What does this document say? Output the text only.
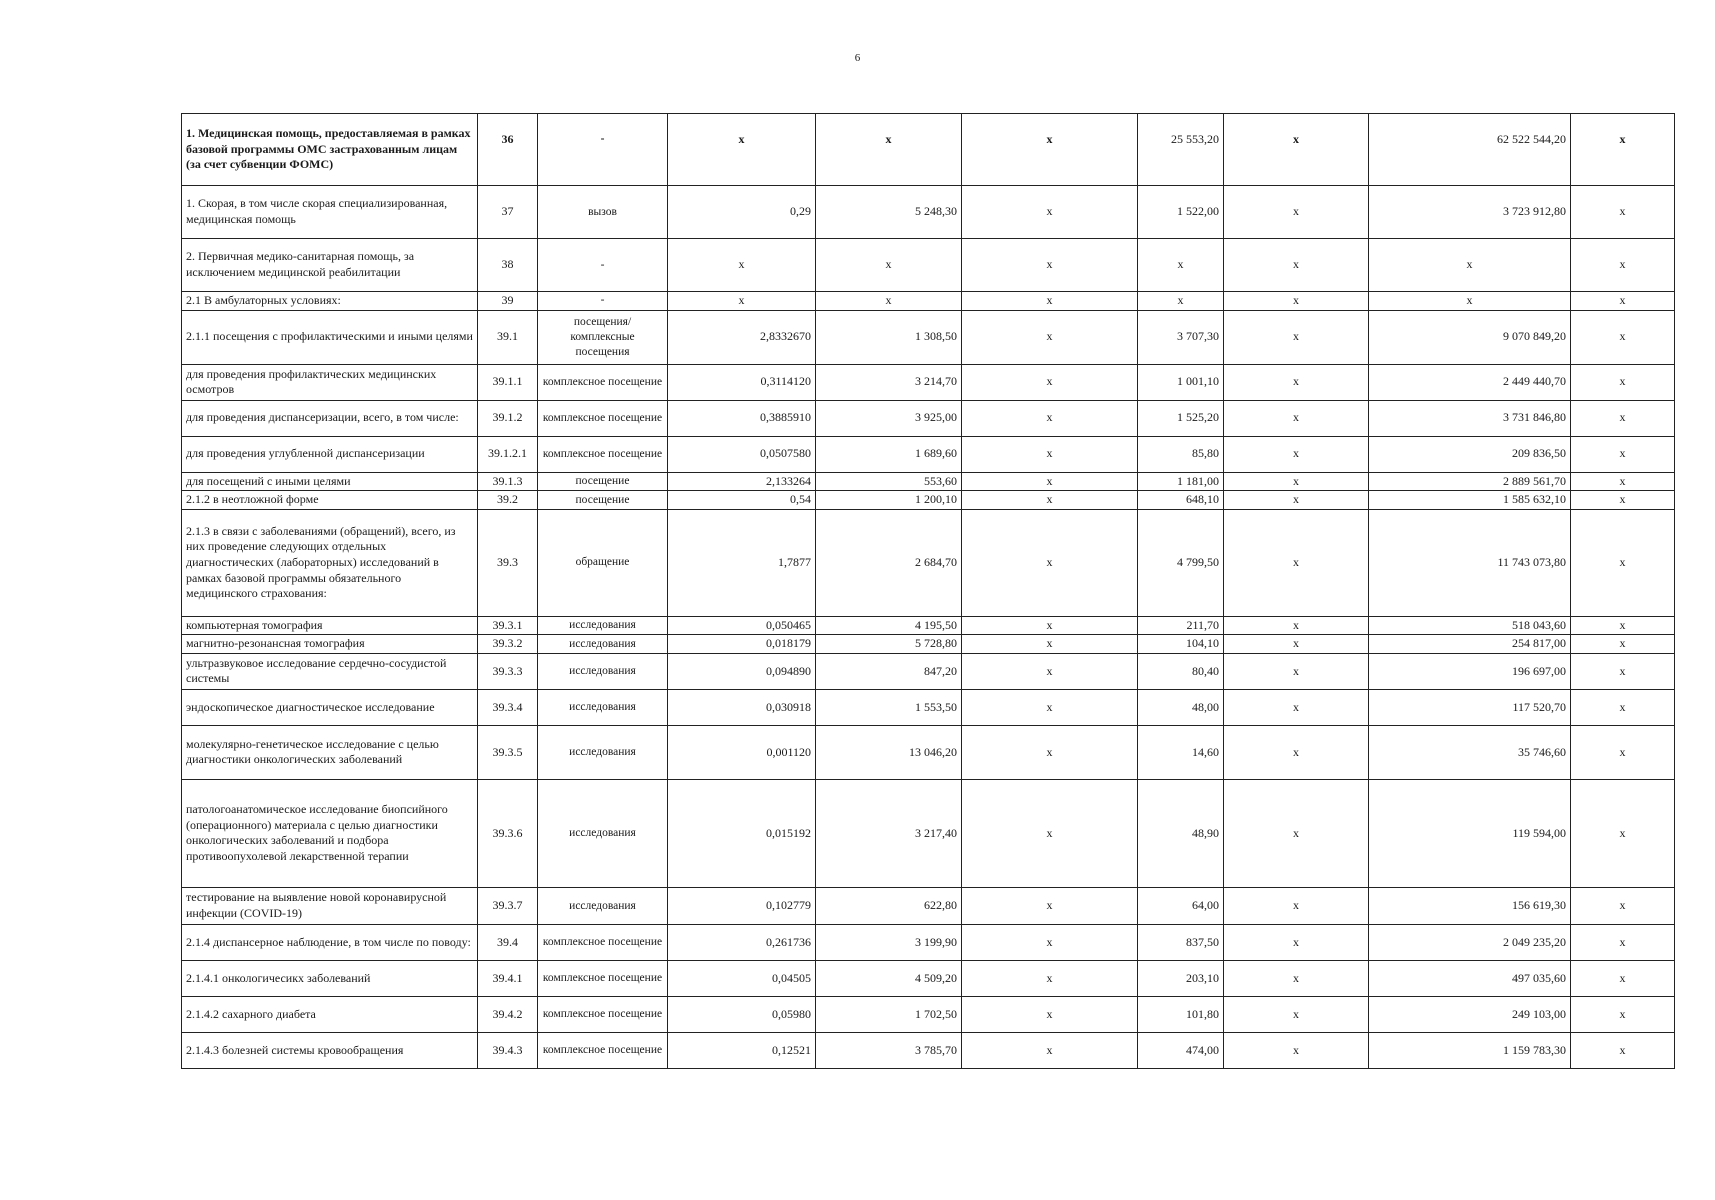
6
1. Медицинская помощь, предоставляемая в рамках базовой программы ОМС застрахованным лицам (за счет субвенции ФОМС)	36	-	х	х	х	25 553,20	х	62 522 544,20	х
1. Скорая, в том числе скорая специализированная, медицинская помощь	37	вызов	0,29	5 248,30	х	1 522,00	х	3 723 912,80	х
2. Первичная медико-санитарная помощь, за исключением медицинской реабилитации	38	-	х	х	х	х	х	х	х
2.1 В амбулаторных условиях:	39	-	х	х	х	х	х	х	х
2.1.1 посещения с профилактическими и иными целями	39.1	посещения/комплексные посещения	2,8332670	1 308,50	х	3 707,30	х	9 070 849,20	х
для проведения профилактических медицинских осмотров	39.1.1	комплексное посещение	0,3114120	3 214,70	х	1 001,10	х	2 449 440,70	х
для проведения диспансеризации, всего, в том числе:	39.1.2	комплексное посещение	0,3885910	3 925,00	х	1 525,20	х	3 731 846,80	х
для проведения углубленной диспансеризации	39.1.2.1	комплексное посещение	0,0507580	1 689,60	х	85,80	х	209 836,50	х
для посещений с иными целями	39.1.3	посещение	2,133264	553,60	х	1 181,00	х	2 889 561,70	х
2.1.2 в неотложной форме	39.2	посещение	0,54	1 200,10	х	648,10	х	1 585 632,10	х
2.1.3 в связи с заболеваниями (обращений), всего, из них проведение следующих отдельных диагностических (лабораторных) исследований в рамках базовой программы обязательного медицинского страхования:	39.3	обращение	1,7877	2 684,70	х	4 799,50	х	11 743 073,80	х
компьютерная томография	39.3.1	исследования	0,050465	4 195,50	х	211,70	х	518 043,60	х
магнитно-резонансная томография	39.3.2	исследования	0,018179	5 728,80	х	104,10	х	254 817,00	х
ультразвуковое исследование сердечно-сосудистой системы	39.3.3	исследования	0,094890	847,20	х	80,40	х	196 697,00	х
эндоскопическое диагностическое исследование	39.3.4	исследования	0,030918	1 553,50	х	48,00	х	117 520,70	х
молекулярно-генетическое исследование с целью диагностики онкологических заболеваний	39.3.5	исследования	0,001120	13 046,20	х	14,60	х	35 746,60	х
патологоанатомическое исследование биопсийного (операционного) материала с целью диагностики онкологических заболеваний и подбора противоопухолевой лекарственной терапии	39.3.6	исследования	0,015192	3 217,40	х	48,90	х	119 594,00	х
тестирование на выявление новой коронавирусной инфекции (COVID-19)	39.3.7	исследования	0,102779	622,80	х	64,00	х	156 619,30	х
2.1.4 диспансерное наблюдение, в том числе по поводу:	39.4	комплексное посещение	0,261736	3 199,90	х	837,50	х	2 049 235,20	х
2.1.4.1 онкологичесикх заболеваний	39.4.1	комплексное посещение	0,04505	4 509,20	х	203,10	х	497 035,60	х
2.1.4.2 сахарного диабета	39.4.2	комплексное посещение	0,05980	1 702,50	х	101,80	х	249 103,00	х
2.1.4.3 болезней системы кровообращения	39.4.3	комплексное посещение	0,12521	3 785,70	х	474,00	х	1 159 783,30	х
